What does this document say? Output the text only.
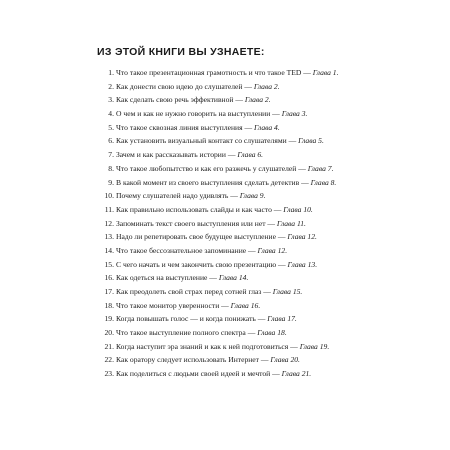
ИЗ ЭТОЙ КНИГИ ВЫ УЗНАЕТЕ:
1. Что такое презентационная грамотность и что такое TED — Глава 1.
2. Как донести свою идею до слушателей — Глава 2.
3. Как сделать свою речь эффективной — Глава 2.
4. О чем и как не нужно говорить на выступлении — Глава 3.
5. Что такое сквозная линия выступления — Глава 4.
6. Как установить визуальный контакт со слушателями — Глава 5.
7. Зачем и как рассказывать истории — Глава 6.
8. Что такое любопытство и как его разжечь у слушателей — Глава 7.
9. В какой момент из своего выступления сделать детектив — Глава 8.
10. Почему слушателей надо удивлять — Глава 9.
11. Как правильно использовать слайды и как часто — Глава 10.
12. Запоминать текст своего выступления или нет — Глава 11.
13. Надо ли репетировать свое будущее выступление — Глава 12.
14. Что такое бессознательное запоминание — Глава 12.
15. С чего начать и чем закончить свою презентацию — Глава 13.
16. Как одеться на выступление — Глава 14.
17. Как преодолеть свой страх перед сотней глаз — Глава 15.
18. Что такое монитор уверенности — Глава 16.
19. Когда повышать голос — и когда понижать — Глава 17.
20. Что такое выступление полного спектра — Глава 18.
21. Когда наступит эра знаний и как к ней подготовиться — Глава 19.
22. Как оратору следует использовать Интернет — Глава 20.
23. Как поделиться с людьми своей идеей и мечтой — Глава 21.
